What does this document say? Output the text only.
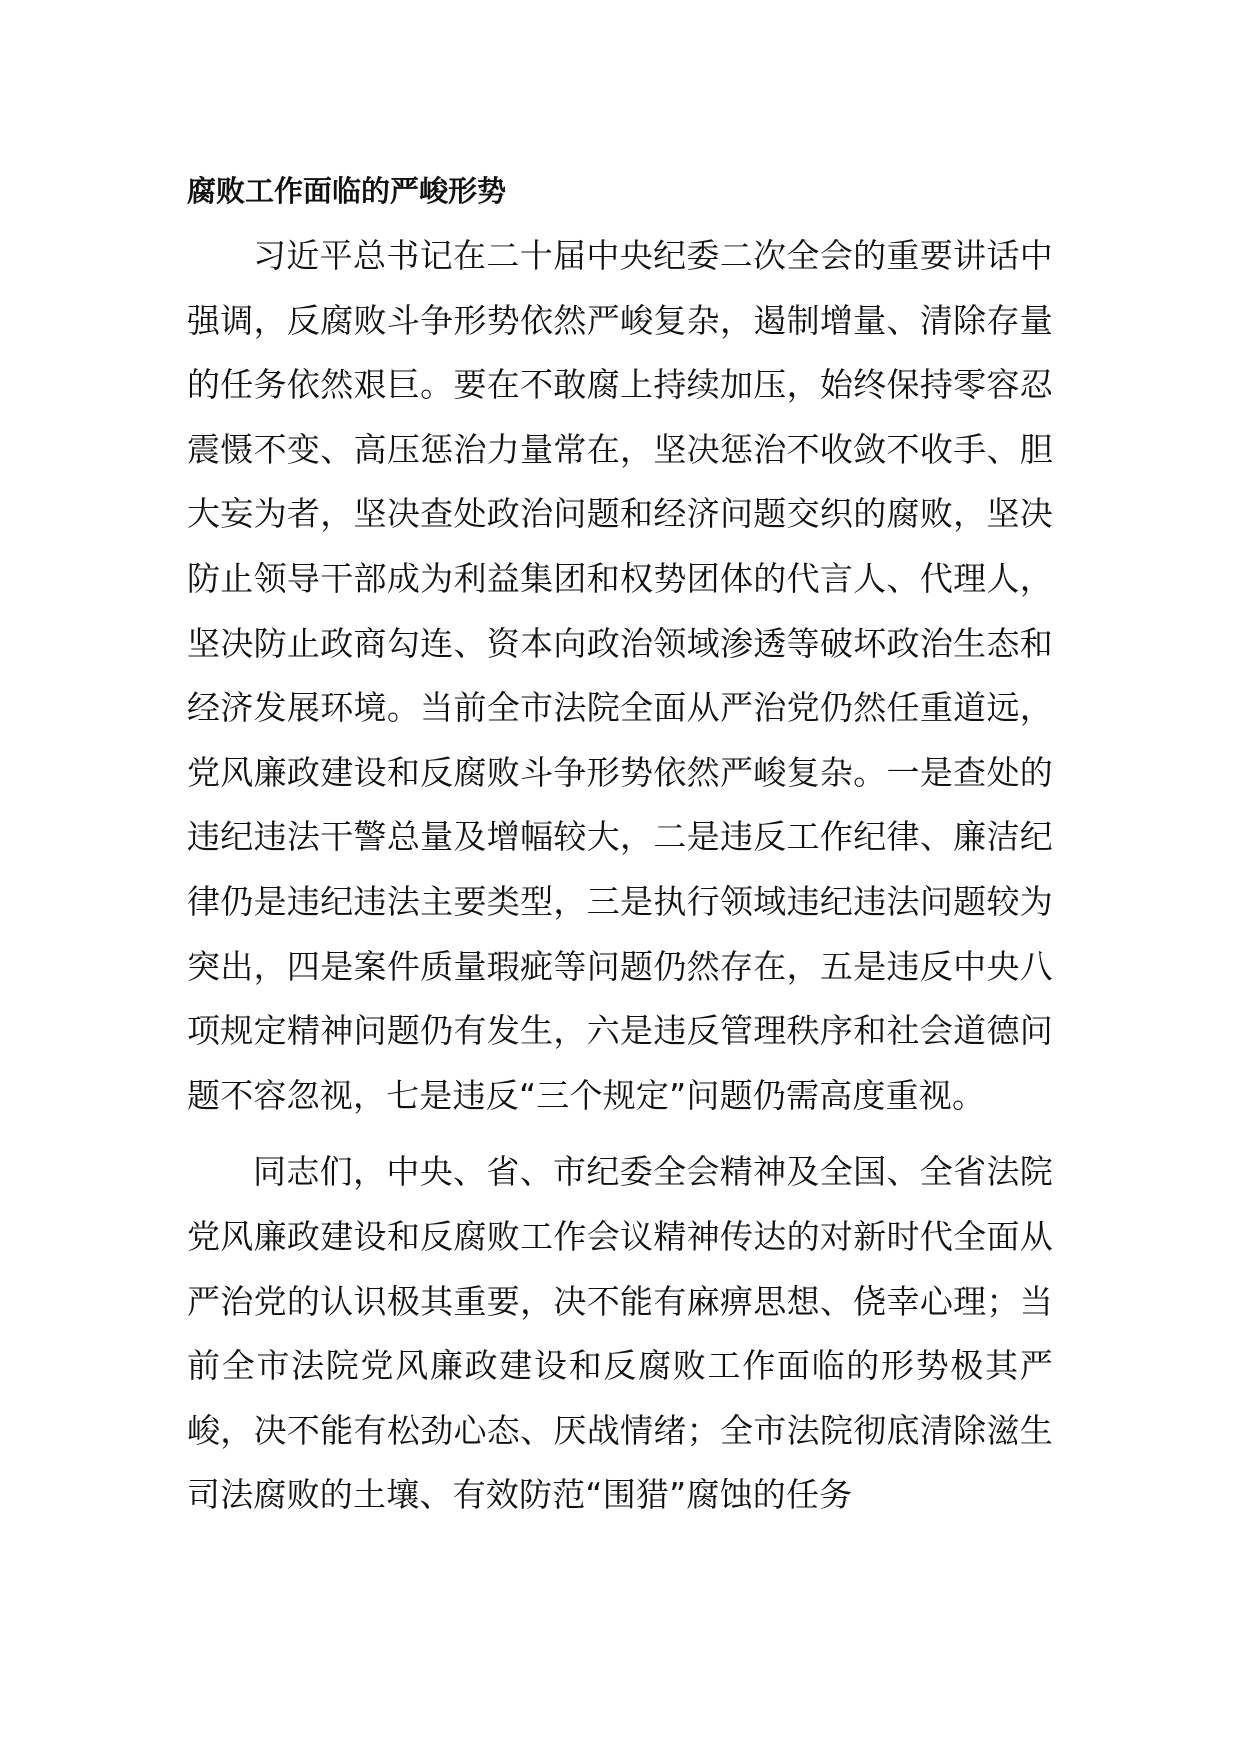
腐败工作面临的严峻形势

习近平总书记在二十届中央纪委二次全会的重要讲话中强调，反腐败斗争形势依然严峻复杂，遏制增量、清除存量的任务依然艰巨。要在不敢腐上持续加压，始终保持零容忍震慑不变、高压惩治力量常在，坚决惩治不收敛不收手、胆大妄为者，坚决查处政治问题和经济问题交织的腐败，坚决防止领导干部成为利益集团和权势团体的代言人、代理人，坚决防止政商勾连、资本向政治领域渗透等破坏政治生态和经济发展环境。当前全市法院全面从严治党仍然任重道远，党风廉政建设和反腐败斗争形势依然严峻复杂。一是查处的违纪违法干警总量及增幅较大，二是违反工作纪律、廉洁纪律仍是违纪违法主要类型，三是执行领域违纪违法问题较为突出，四是案件质量瑕疵等问题仍然存在，五是违反中央八项规定精神问题仍有发生，六是违反管理秩序和社会道德问题不容忽视，七是违反“三个规定”问题仍需高度重视。

同志们，中央、省、市纪委全会精神及全国、全省法院党风廉政建设和反腐败工作会议精神传达的对新时代全面从严治党的认识极其重要，决不能有麻痹思想、侥幸心理；当前全市法院党风廉政建设和反腐败工作面临的形势极其严峻，决不能有松劲心态、厌战情绪；全市法院彻底清除滋生司法腐败的土壤、有效防范“围猎”腐蚀的任务
